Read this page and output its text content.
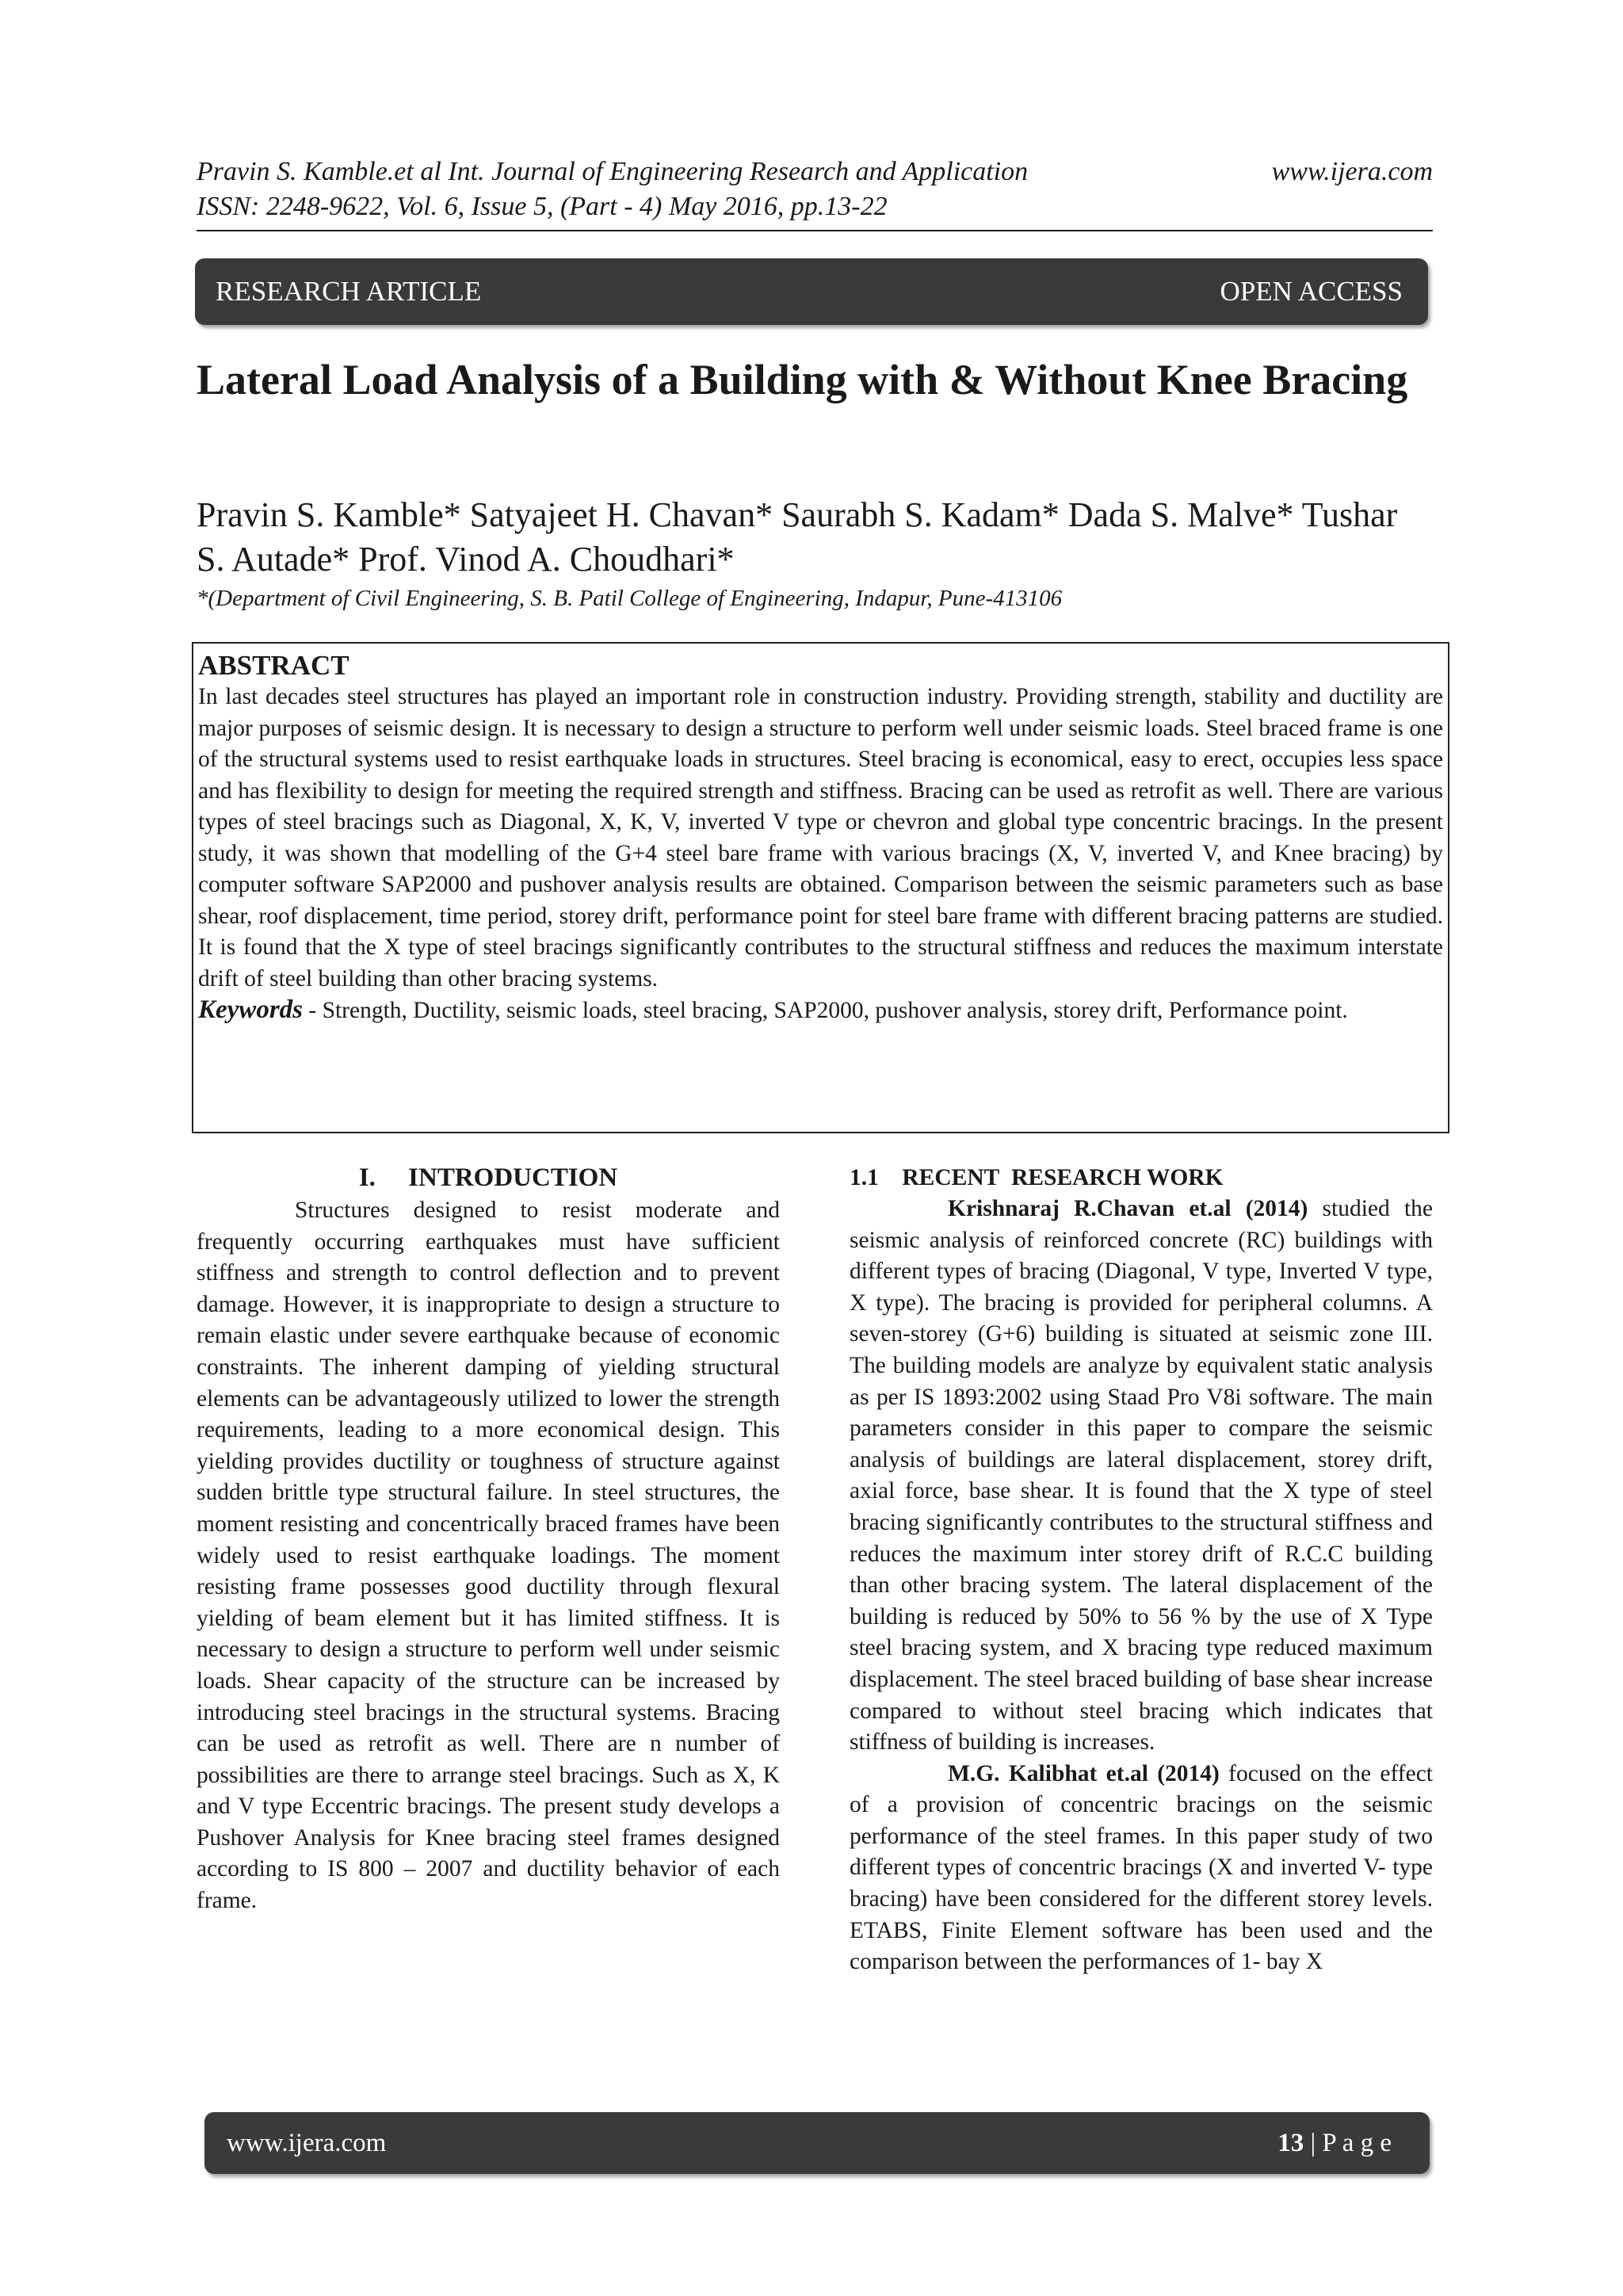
Pravin S. Kamble.et al Int. Journal of Engineering Research and Application	www.ijera.com
ISSN: 2248-9622, Vol. 6, Issue 5, (Part - 4) May 2016, pp.13-22
RESEARCH ARTICLE	OPEN ACCESS
Lateral Load Analysis of a Building with & Without Knee Bracing
Pravin S. Kamble* Satyajeet H. Chavan* Saurabh S. Kadam* Dada S. Malve* Tushar S. Autade* Prof. Vinod A. Choudhari*
*(Department of Civil Engineering, S. B. Patil College of Engineering, Indapur, Pune-413106
ABSTRACT
In last decades steel structures has played an important role in construction industry. Providing strength, stability and ductility are major purposes of seismic design. It is necessary to design a structure to perform well under seismic loads. Steel braced frame is one of the structural systems used to resist earthquake loads in structures. Steel bracing is economical, easy to erect, occupies less space and has flexibility to design for meeting the required strength and stiffness. Bracing can be used as retrofit as well. There are various types of steel bracings such as Diagonal, X, K, V, inverted V type or chevron and global type concentric bracings. In the present study, it was shown that modelling of the G+4 steel bare frame with various bracings (X, V, inverted V, and Knee bracing) by computer software SAP2000 and pushover analysis results are obtained. Comparison between the seismic parameters such as base shear, roof displacement, time period, storey drift, performance point for steel bare frame with different bracing patterns are studied. It is found that the X type of steel bracings significantly contributes to the structural stiffness and reduces the maximum interstate drift of steel building than other bracing systems.
Keywords - Strength, Ductility, seismic loads, steel bracing, SAP2000, pushover analysis, storey drift, Performance point.
I.     INTRODUCTION

Structures designed to resist moderate and frequently occurring earthquakes must have sufficient stiffness and strength to control deflection and to prevent damage. However, it is inappropriate to design a structure to remain elastic under severe earthquake because of economic constraints. The inherent damping of yielding structural elements can be advantageously utilized to lower the strength requirements, leading to a more economical design. This yielding provides ductility or toughness of structure against sudden brittle type structural failure. In steel structures, the moment resisting and concentrically braced frames have been widely used to resist earthquake loadings. The moment resisting frame possesses good ductility through flexural yielding of beam element but it has limited stiffness. It is necessary to design a structure to perform well under seismic loads. Shear capacity of the structure can be increased by introducing steel bracings in the structural systems. Bracing can be used as retrofit as well. There are n number of possibilities are there to arrange steel bracings. Such as X, K and V type Eccentric bracings. The present study develops a Pushover Analysis for Knee bracing steel frames designed according to IS 800 – 2007 and ductility behavior of each frame.

1.1    RECENT  RESEARCH WORK

Krishnaraj R.Chavan et.al (2014) studied the seismic analysis of reinforced concrete (RC) buildings with different types of bracing (Diagonal, V type, Inverted V type, X type). The bracing is provided for peripheral columns. A seven-storey (G+6) building is situated at seismic zone III. The building models are analyze by equivalent static analysis as per IS 1893:2002 using Staad Pro V8i software. The main parameters consider in this paper to compare the seismic analysis of buildings are lateral displacement, storey drift, axial force, base shear. It is found that the X type of steel bracing significantly contributes to the structural stiffness and reduces the maximum inter storey drift of R.C.C building than other bracing system. The lateral displacement of the building is reduced by 50% to 56 % by the use of X Type steel bracing system, and X bracing type reduced maximum displacement. The steel braced building of base shear increase compared to without steel bracing which indicates that stiffness of building is increases.

M.G. Kalibhat et.al (2014) focused on the effect of a provision of concentric bracings on the seismic performance of the steel frames. In this paper study of two different types of concentric bracings (X and inverted V- type bracing) have been considered for the different storey levels. ETABS, Finite Element software has been used and the comparison between the performances of 1- bay X

www.ijera.com	13 | P a g e
